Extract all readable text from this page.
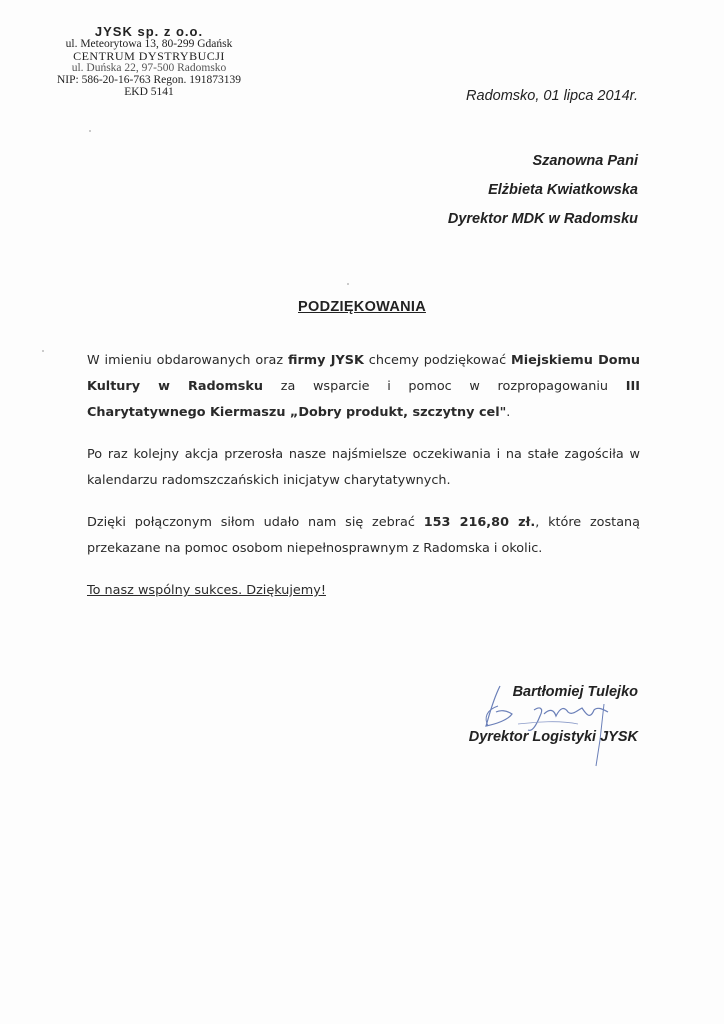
JYSK sp. z o.o.
ul. Meteorytowa 13, 80-299 Gdańsk
CENTRUM DYSTRYBUCJI
ul. Duńska 22, 97-500 Radomsko
NIP: 586-20-16-763 Regon. 191873139
EKD 5141	Radomsko, 01 lipca 2014r.
Szanowna Pani
Elżbieta Kwiatkowska
Dyrektor MDK w Radomsku
PODZIĘKOWANIA

W imieniu obdarowanych oraz firmy JYSK chcemy podziękować Miejskiemu Domu Kultury w Radomsku za wsparcie i pomoc w rozpropagowaniu III Charytatywnego Kiermaszu „Dobry produkt, szczytny cel".

Po raz kolejny akcja przerosła nasze najśmielsze oczekiwania i na stałe zagościła w kalendarzu radomszczańskich inicjatyw charytatywnych.

Dzięki połączonym siłom udało nam się zebrać 153 216,80 zł., które zostaną przekazane na pomoc osobom niepełnosprawnym z Radomska i okolic.

To nasz wspólny sukces. Dziękujemy!

Bartłomiej Tulejko
Dyrektor Logistyki JYSK
